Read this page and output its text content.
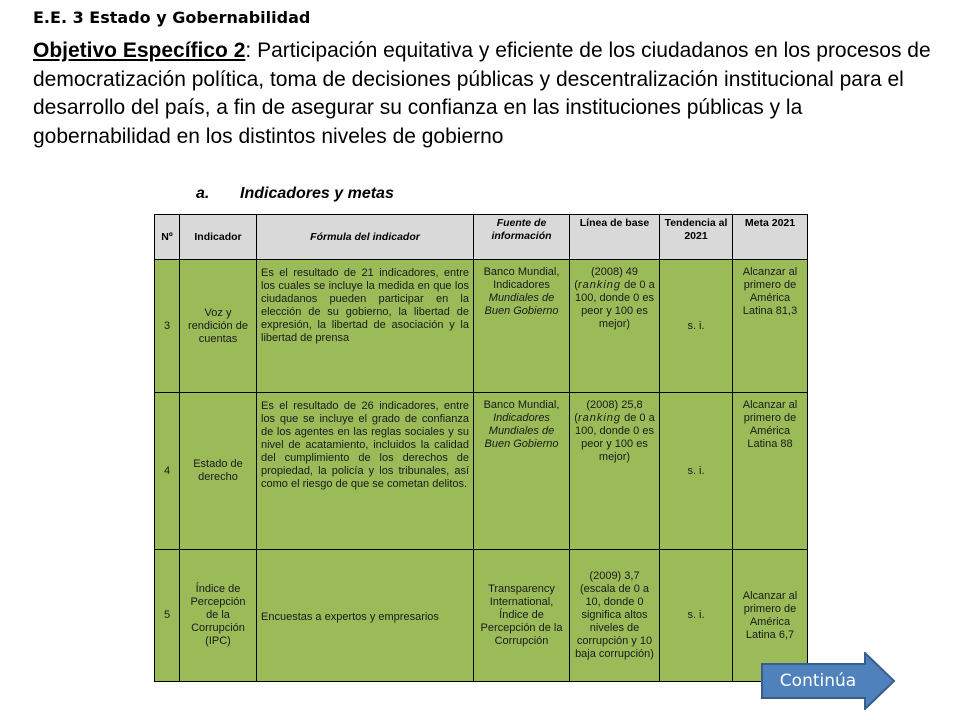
E.E. 3 Estado y Gobernabilidad
Objetivo Específico 2: Participación equitativa y eficiente de los ciudadanos en los procesos de democratización política, toma de decisiones públicas y descentralización institucional para el desarrollo del país, a fin de asegurar su confianza en las instituciones públicas y la gobernabilidad en los distintos niveles de gobierno
a. Indicadores y metas
Nº	Indicador	Fórmula del indicador	Fuente de información	Línea de base	Tendencia al 2021	Meta 2021
3	Voz y rendición de cuentas	Es el resultado de 21 indicadores, entre los cuales se incluye la medida en que los ciudadanos pueden participar en la elección de su gobierno, la libertad de expresión, la libertad de asociación y la libertad de prensa	Banco Mundial, Indicadores Mundiales de Buen Gobierno	(2008) 49 (ranking de 0 a 100, donde 0 es peor y 100 es mejor)	s. i.	Alcanzar al primero de América Latina 81,3
4	Estado de derecho	Es el resultado de 26 indicadores, entre los que se incluye el grado de confianza de los agentes en las reglas sociales y su nivel de acatamiento, incluidos la calidad del cumplimiento de los derechos de propiedad, la policía y los tribunales, así como el riesgo de que se cometan delitos.	Banco Mundial, Indicadores Mundiales de Buen Gobierno	(2008) 25,8 (ranking de 0 a 100, donde 0 es peor y 100 es mejor)	s. i.	Alcanzar al primero de América Latina 88
5	Índice de Percepción de la Corrupción (IPC)	Encuestas a expertos y empresarios	Transparency International, Índice de Percepción de la Corrupción	(2009) 3,7 (escala de 0 a 10, donde 0 significa altos niveles de corrupción y 10 baja corrupción)	s. i.	Alcanzar al primero de América Latina 6,7
Continúa
